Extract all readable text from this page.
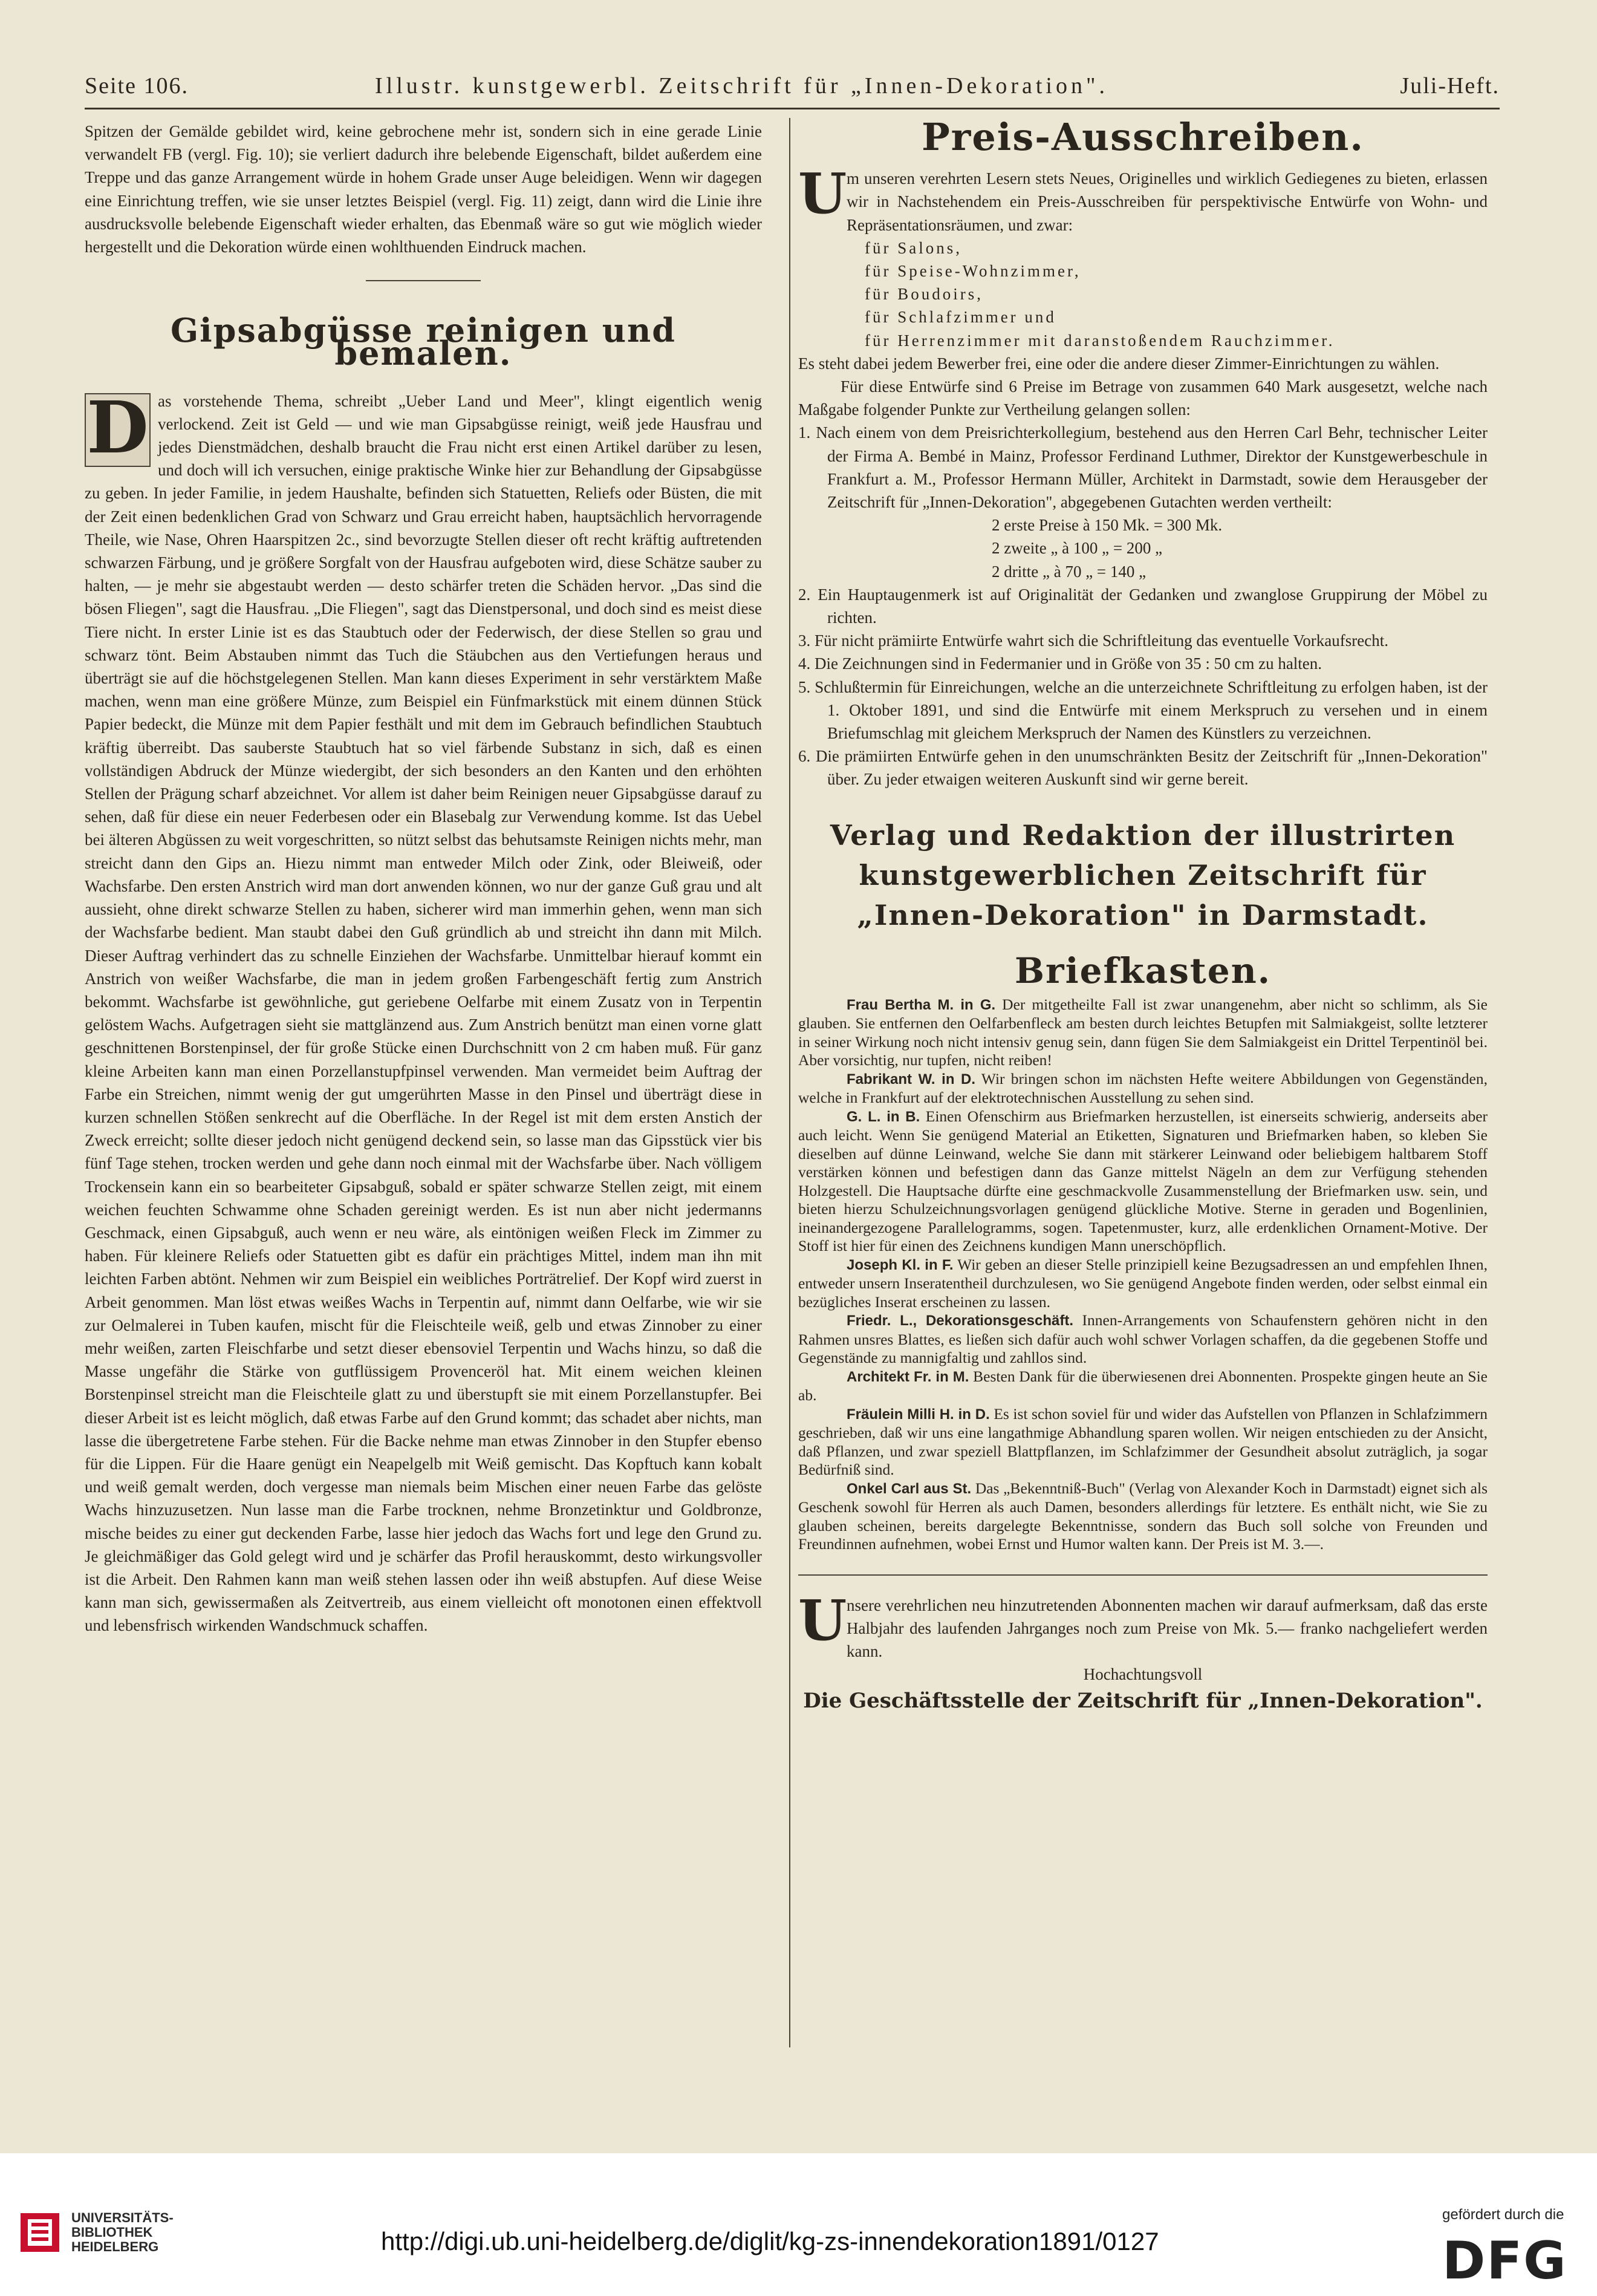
Seite 106.	Illustr. kunstgewerbl. Zeitschrift für „Innen-Dekoration".	Juli-Heft.

Spitzen der Gemälde gebildet wird, keine gebrochene mehr ist, sondern sich in eine gerade Linie verwandelt FB (vergl. Fig. 10); sie verliert dadurch ihre belebende Eigenschaft, bildet außerdem eine Treppe und das ganze Arrangement würde in hohem Grade unser Auge beleidigen. Wenn wir dagegen eine Einrichtung treffen, wie sie unser letztes Beispiel (vergl. Fig. 11) zeigt, dann wird die Linie ihre ausdrucksvolle belebende Eigenschaft wieder erhalten, das Ebenmaß wäre so gut wie möglich wieder hergestellt und die Dekoration würde einen wohlthuenden Eindruck machen.

Gipsabgüsse reinigen und bemalen.
D as vorstehende Thema, schreibt „Ueber Land und Meer", klingt eigentlich wenig verlockend. Zeit ist Geld — und wie man Gipsabgüsse reinigt, weiß jede Hausfrau und jedes Dienstmädchen, deshalb braucht die Frau nicht erst einen Artikel darüber zu lesen, und doch will ich versuchen, einige praktische Winke hier zur Behandlung der Gipsabgüsse zu geben. In jeder Familie, in jedem Haushalte, befinden sich Statuetten, Reliefs oder Büsten, die mit der Zeit einen bedenklichen Grad von Schwarz und Grau erreicht haben, hauptsächlich hervorragende Theile, wie Nase, Ohren Haarspitzen 2c., sind bevorzugte Stellen dieser oft recht kräftig auftretenden schwarzen Färbung, und je größere Sorgfalt von der Hausfrau aufgeboten wird, diese Schätze sauber zu halten, — je mehr sie abgestaubt werden — desto schärfer treten die Schäden hervor. „Das sind die bösen Fliegen", sagt die Hausfrau. „Die Fliegen", sagt das Dienstpersonal, und doch sind es meist diese Tiere nicht. In erster Linie ist es das Staubtuch oder der Federwisch, der diese Stellen so grau und schwarz tönt. Beim Abstauben nimmt das Tuch die Stäubchen aus den Vertiefungen heraus und überträgt sie auf die höchstgelegenen Stellen. Man kann dieses Experiment in sehr verstärktem Maße machen, wenn man eine größere Münze, zum Beispiel ein Fünfmarkstück mit einem dünnen Stück Papier bedeckt, die Münze mit dem Papier festhält und mit dem im Gebrauch befindlichen Staubtuch kräftig überreibt. Das sauberste Staubtuch hat so viel färbende Substanz in sich, daß es einen vollständigen Abdruck der Münze wiedergibt, der sich besonders an den Kanten und den erhöhten Stellen der Prägung scharf abzeichnet. Vor allem ist daher beim Reinigen neuer Gipsabgüsse darauf zu sehen, daß für diese ein neuer Federbesen oder ein Blasebalg zur Verwendung komme. Ist das Uebel bei älteren Abgüssen zu weit vorgeschritten, so nützt selbst das behutsamste Reinigen nichts mehr, man streicht dann den Gips an. Hiezu nimmt man entweder Milch oder Zink, oder Bleiweiß, oder Wachsfarbe. Den ersten Anstrich wird man dort anwenden können, wo nur der ganze Guß grau und alt aussieht, ohne direkt schwarze Stellen zu haben, sicherer wird man immerhin gehen, wenn man sich der Wachsfarbe bedient. Man staubt dabei den Guß gründlich ab und streicht ihn dann mit Milch. Dieser Auftrag verhindert das zu schnelle Einziehen der Wachsfarbe. Unmittelbar hierauf kommt ein Anstrich von weißer Wachsfarbe, die man in jedem großen Farbengeschäft fertig zum Anstrich bekommt. Wachsfarbe ist gewöhnliche, gut geriebene Oelfarbe mit einem Zusatz von in Terpentin gelöstem Wachs. Aufgetragen sieht sie mattglänzend aus. Zum Anstrich benützt man einen vorne glatt geschnittenen Borstenpinsel, der für große Stücke einen Durchschnitt von 2 cm haben muß. Für ganz kleine Arbeiten kann man einen Porzellanstupfpinsel verwenden. Man vermeidet beim Auftrag der Farbe ein Streichen, nimmt wenig der gut umgerührten Masse in den Pinsel und überträgt diese in kurzen schnellen Stößen senkrecht auf die Oberfläche. In der Regel ist mit dem ersten Anstich der Zweck erreicht; sollte dieser jedoch nicht genügend deckend sein, so lasse man das Gipsstück vier bis fünf Tage stehen, trocken werden und gehe dann noch einmal mit der Wachsfarbe über. Nach völligem Trockensein kann ein so bearbeiteter Gipsabguß, sobald er später schwarze Stellen zeigt, mit einem weichen feuchten Schwamme ohne Schaden gereinigt werden. Es ist nun aber nicht jedermanns Geschmack, einen Gipsabguß, auch wenn er neu wäre, als eintönigen weißen Fleck im Zimmer zu haben. Für kleinere Reliefs oder Statuetten gibt es dafür ein prächtiges Mittel, indem man ihn mit leichten Farben abtönt. Nehmen wir zum Beispiel ein weibliches Porträtrelief. Der Kopf wird zuerst in Arbeit genommen. Man löst etwas weißes Wachs in Terpentin auf, nimmt dann Oelfarbe, wie wir sie zur Oelmalerei in Tuben kaufen, mischt für die Fleischteile weiß, gelb und etwas Zinnober zu einer mehr weißen, zarten Fleischfarbe und setzt dieser ebensoviel Terpentin und Wachs hinzu, so daß die Masse ungefähr die Stärke von gutflüssigem Provenceröl hat. Mit einem weichen kleinen Borstenpinsel streicht man die Fleischteile glatt zu und überstupft sie mit einem Porzellanstupfer. Bei dieser Arbeit ist es leicht möglich, daß etwas Farbe auf den Grund kommt; das schadet aber nichts, man lasse die übergetretene Farbe stehen. Für die Backe nehme man etwas Zinnober in den Stupfer ebenso für die Lippen. Für die Haare genügt ein Neapelgelb mit Weiß gemischt. Das Kopftuch kann kobalt und weiß gemalt werden, doch vergesse man niemals beim Mischen einer neuen Farbe das gelöste Wachs hinzuzusetzen. Nun lasse man die Farbe trocknen, nehme Bronzetinktur und Goldbronze, mische beides zu einer gut deckenden Farbe, lasse hier jedoch das Wachs fort und lege den Grund zu. Je gleichmäßiger das Gold gelegt wird und je schärfer das Profil herauskommt, desto wirkungsvoller ist die Arbeit. Den Rahmen kann man weiß stehen lassen oder ihn weiß abstupfen. Auf diese Weise kann man sich, gewissermaßen als Zeitvertreib, aus einem vielleicht oft monotonen einen effektvoll und lebensfrisch wirkenden Wandschmuck schaffen.
Preis-Ausschreiben.

U m unseren verehrten Lesern stets Neues, Originelles und wirklich Gediegenes zu bieten, erlassen wir in Nachstehendem ein Preis-Ausschreiben für perspektivische Entwürfe von Wohn- und Repräsentationsräumen, und zwar:

für Salons,
für Speise-Wohnzimmer,
für Boudoirs,
für Schlafzimmer und
für Herrenzimmer mit daranstoßendem Rauchzimmer.

Es steht dabei jedem Bewerber frei, eine oder die andere dieser Zimmer-Einrichtungen zu wählen.

Für diese Entwürfe sind 6 Preise im Betrage von zusammen 640 Mark ausgesetzt, welche nach Maßgabe folgender Punkte zur Vertheilung gelangen sollen:

1. Nach einem von dem Preisrichterkollegium, bestehend aus den Herren Carl Behr, technischer Leiter der Firma A. Bembé in Mainz, Professor Ferdinand Luthmer, Direktor der Kunstgewerbeschule in Frankfurt a. M., Professor Hermann Müller, Architekt in Darmstadt, sowie dem Herausgeber der Zeitschrift für „Innen-Dekoration", abgegebenen Gutachten werden vertheilt:

2 erste Preise à 150 Mk. = 300 Mk.
2 zweite „ à 100 „ = 200 „
2 dritte „ à 70 „ = 140 „

2. Ein Hauptaugenmerk ist auf Originalität der Gedanken und zwanglose Gruppirung der Möbel zu richten.

3. Für nicht prämiirte Entwürfe wahrt sich die Schriftleitung das eventuelle Vorkaufsrecht.

4. Die Zeichnungen sind in Federmanier und in Größe von 35 : 50 cm zu halten.

5. Schlußtermin für Einreichungen, welche an die unterzeichnete Schriftleitung zu erfolgen haben, ist der 1. Oktober 1891, und sind die Entwürfe mit einem Merkspruch zu versehen und in einem Briefumschlag mit gleichem Merkspruch der Namen des Künstlers zu verzeichnen.

6. Die prämiirten Entwürfe gehen in den unumschränkten Besitz der Zeitschrift für „Innen-Dekoration" über. Zu jeder etwaigen weiteren Auskunft sind wir gerne bereit.

Verlag und Redaktion der illustrirten kunstgewerblichen Zeitschrift für „Innen-Dekoration" in Darmstadt.
Briefkasten.

Frau Bertha M. in G. Der mitgetheilte Fall ist zwar unangenehm, aber nicht so schlimm, als Sie glauben. Sie entfernen den Oelfarbenfleck am besten durch leichtes Betupfen mit Salmiakgeist, sollte letzterer in seiner Wirkung noch nicht intensiv genug sein, dann fügen Sie dem Salmiakgeist ein Drittel Terpentinöl bei. Aber vorsichtig, nur tupfen, nicht reiben!

Fabrikant W. in D. Wir bringen schon im nächsten Hefte weitere Abbildungen von Gegenständen, welche in Frankfurt auf der elektrotechnischen Ausstellung zu sehen sind.

G. L. in B. Einen Ofenschirm aus Briefmarken herzustellen, ist einerseits schwierig, anderseits aber auch leicht. Wenn Sie genügend Material an Etiketten, Signaturen und Briefmarken haben, so kleben Sie dieselben auf dünne Leinwand, welche Sie dann mit stärkerer Leinwand oder beliebigem haltbarem Stoff verstärken können und befestigen dann das Ganze mittelst Nägeln an dem zur Verfügung stehenden Holzgestell. Die Hauptsache dürfte eine geschmackvolle Zusammenstellung der Briefmarken usw. sein, und bieten hierzu Schulzeichnungsvorlagen genügend glückliche Motive. Sterne in geraden und Bogenlinien, ineinandergezogene Parallelogramms, sogen. Tapetenmuster, kurz, alle erdenklichen Ornament-Motive. Der Stoff ist hier für einen des Zeichnens kundigen Mann unerschöpflich.

Joseph Kl. in F. Wir geben an dieser Stelle prinzipiell keine Bezugsadressen an und empfehlen Ihnen, entweder unsern Inseratentheil durchzulesen, wo Sie genügend Angebote finden werden, oder selbst einmal ein bezügliches Inserat erscheinen zu lassen.

Friedr. L., Dekorationsgeschäft. Innen-Arrangements von Schaufenstern gehören nicht in den Rahmen unsres Blattes, es ließen sich dafür auch wohl schwer Vorlagen schaffen, da die gegebenen Stoffe und Gegenstände zu mannigfaltig und zahllos sind.

Architekt Fr. in M. Besten Dank für die überwiesenen drei Abonnenten. Prospekte gingen heute an Sie ab.

Fräulein Milli H. in D. Es ist schon soviel für und wider das Aufstellen von Pflanzen in Schlafzimmern geschrieben, daß wir uns eine langathmige Abhandlung sparen wollen. Wir neigen entschieden zu der Ansicht, daß Pflanzen, und zwar speziell Blattpflanzen, im Schlafzimmer der Gesundheit absolut zuträglich, ja sogar Bedürfniß sind.

Onkel Carl aus St. Das „Bekenntniß-Buch" (Verlag von Alexander Koch in Darmstadt) eignet sich als Geschenk sowohl für Herren als auch Damen, besonders allerdings für letztere. Es enthält nicht, wie Sie zu glauben scheinen, bereits dargelegte Bekenntnisse, sondern das Buch soll solche von Freunden und Freundinnen aufnehmen, wobei Ernst und Humor walten kann. Der Preis ist M. 3.—.

U nsere verehrlichen neu hinzutretenden Abonnenten machen wir darauf aufmerksam, daß das erste Halbjahr des laufenden Jahrganges noch zum Preise von Mk. 5.— franko nachgeliefert werden kann.

Hochachtungsvoll
Die Geschäftsstelle der Zeitschrift für „Innen-Dekoration".
UNIVERSITÄTS-
BIBLIOTHEK
HEIDELBERG	http://digi.ub.uni-heidelberg.de/diglit/kg-zs-innendekoration1891/0127
gefördert durch die
DFG
